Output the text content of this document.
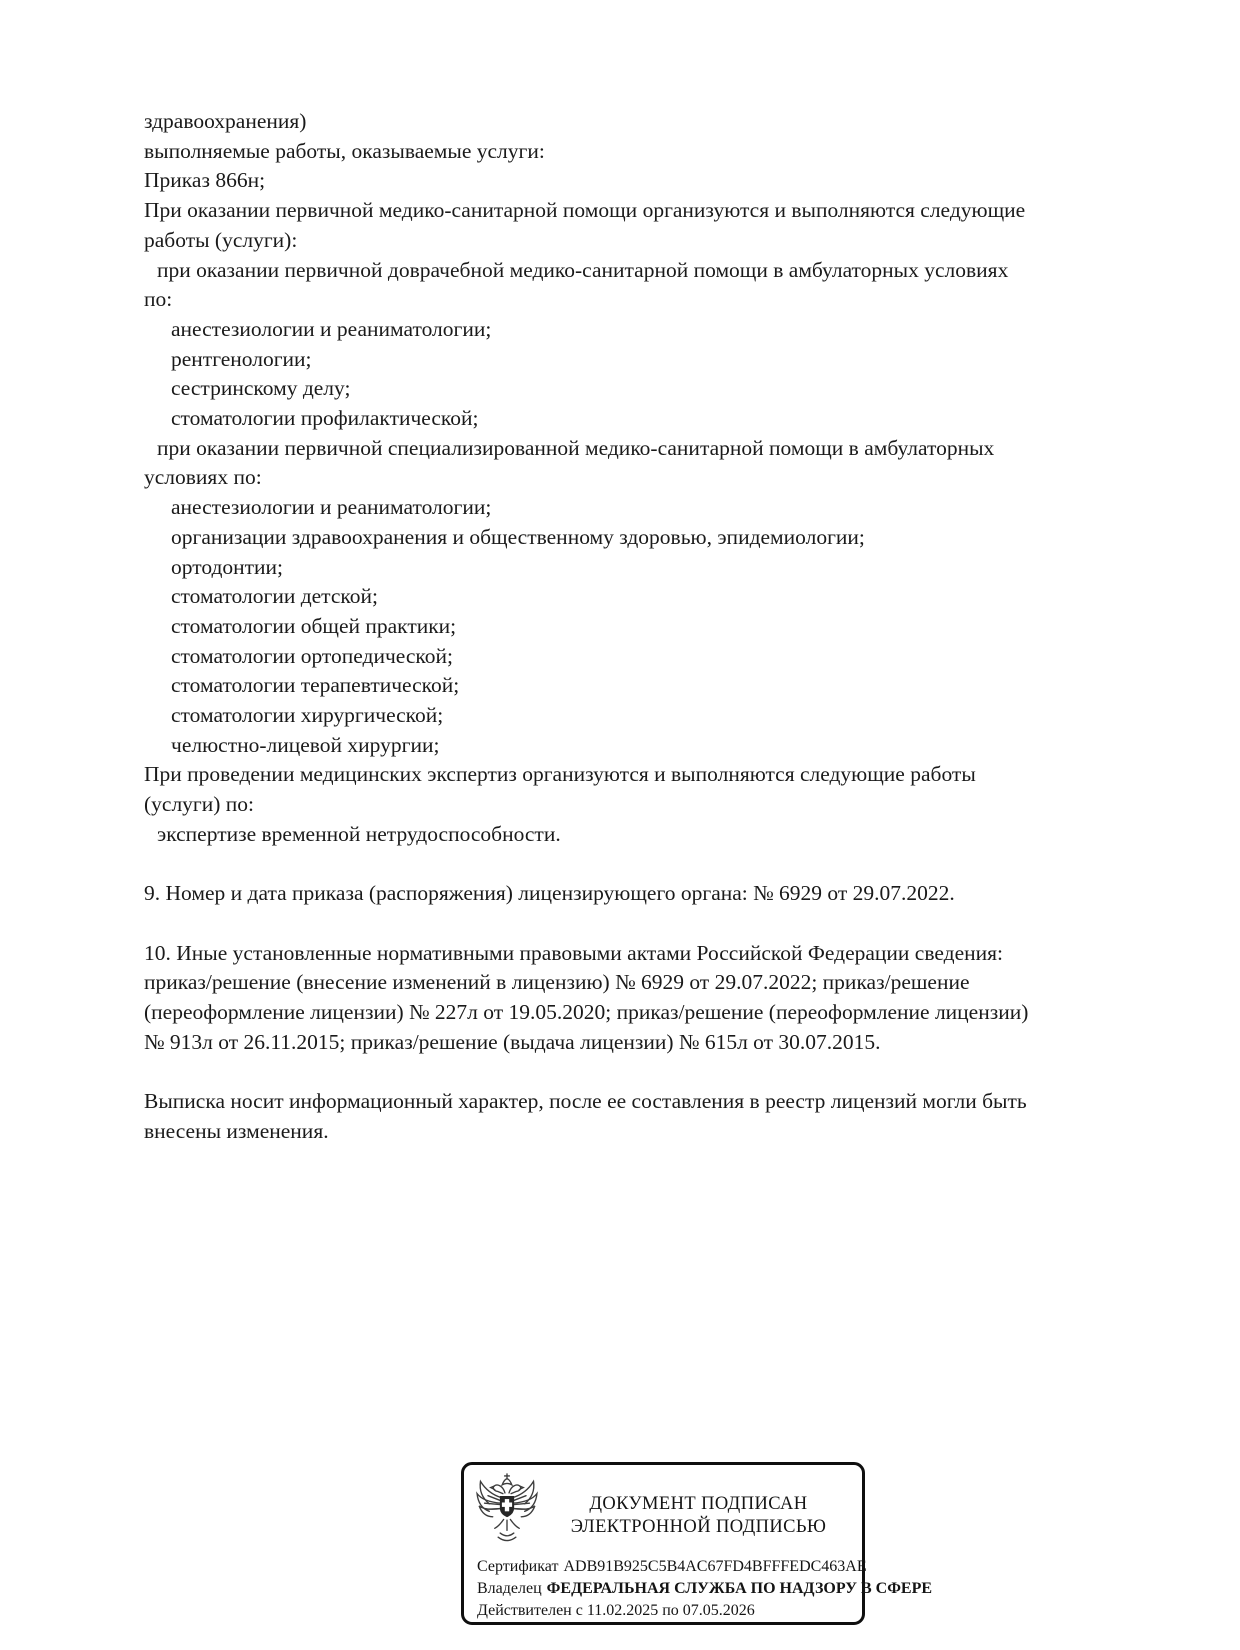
здравоохранения)
выполняемые работы, оказываемые услуги:
Приказ 866н;
При оказании первичной медико-санитарной помощи организуются и выполняются следующие
работы (услуги):
при оказании первичной доврачебной медико-санитарной помощи в амбулаторных условиях
по:
анестезиологии и реаниматологии;
рентгенологии;
сестринскому делу;
стоматологии профилактической;
при оказании первичной специализированной медико-санитарной помощи в амбулаторных
условиях по:
анестезиологии и реаниматологии;
организации здравоохранения и общественному здоровью, эпидемиологии;
ортодонтии;
стоматологии детской;
стоматологии общей практики;
стоматологии ортопедической;
стоматологии терапевтической;
стоматологии хирургической;
челюстно-лицевой хирургии;
При проведении медицинских экспертиз организуются и выполняются следующие работы
(услуги) по:
экспертизе временной нетрудоспособности.
9. Номер и дата приказа (распоряжения) лицензирующего органа: № 6929 от 29.07.2022.
10. Иные установленные нормативными правовыми актами Российской Федерации сведения:
приказ/решение (внесение изменений в лицензию) № 6929 от 29.07.2022; приказ/решение
(переоформление лицензии) № 227л от 19.05.2020; приказ/решение (переоформление лицензии)
№ 913л от 26.11.2015; приказ/решение (выдача лицензии) № 615л от 30.07.2015.
Выписка носит информационный характер, после ее составления в реестр лицензий могли быть
внесены изменения.
ДОКУМЕНТ ПОДПИСАН
ЭЛЕКТРОННОЙ ПОДПИСЬЮ
Сертификат ADB91B925C5B4AC67FD4BFFFEDC463AE
Владелец ФЕДЕРАЛЬНАЯ СЛУЖБА ПО НАДЗОРУ В СФЕРЕ
Действителен с 11.02.2025 по 07.05.2026
